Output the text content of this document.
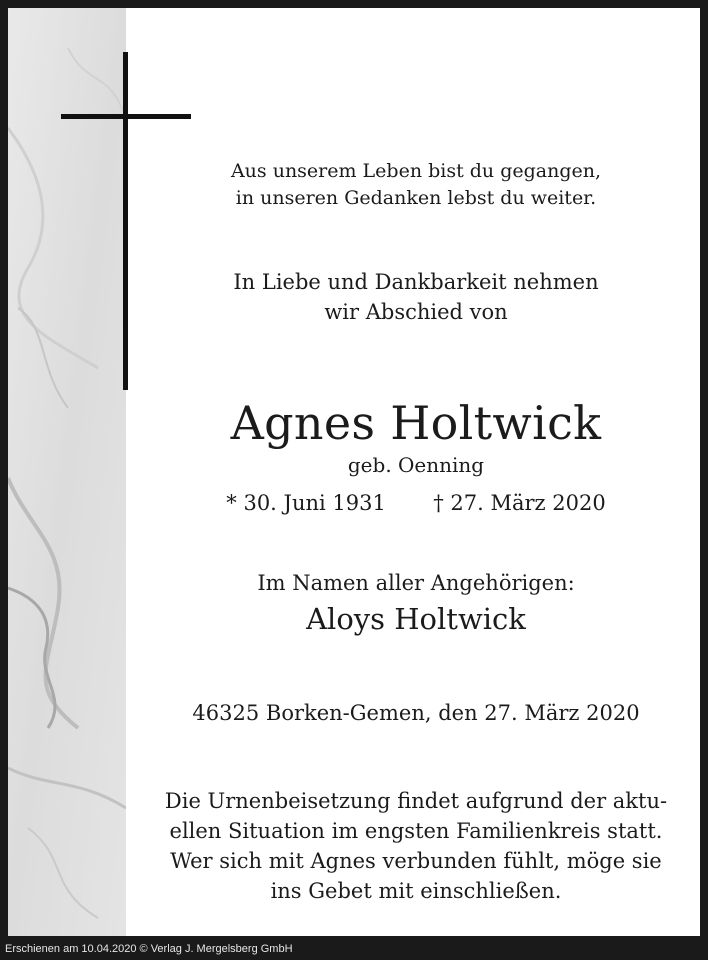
Aus unserem Leben bist du gegangen,
in unseren Gedanken lebst du weiter.
In Liebe und Dankbarkeit nehmen
wir Abschied von
Agnes Holtwick
geb. Oenning
* 30. Juni 1931 † 27. März 2020
Im Namen aller Angehörigen:
Aloys Holtwick
46325 Borken-Gemen, den 27. März 2020
Die Urnenbeisetzung findet aufgrund der aktu-
ellen Situation im engsten Familienkreis statt.
Wer sich mit Agnes verbunden fühlt, möge sie
ins Gebet mit einschließen.
Erschienen am 10.04.2020 © Verlag J. Mergelsberg GmbH
